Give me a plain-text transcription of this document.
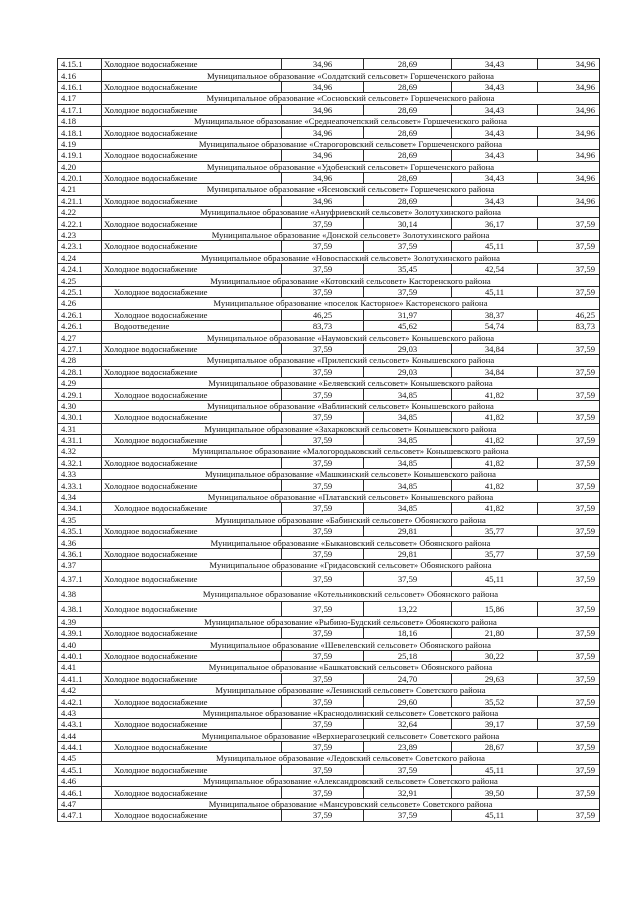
4.15.1	Холодное водоснабжение	34,96	28,69	34,43	34,96
4.16	Муниципальное образование «Солдатский сельсовет» Горшеченского района				
4.16.1	Холодное водоснабжение	34,96	28,69	34,43	34,96
4.17	Муниципальное образование «Сосновский сельсовет» Горшеченского района				
4.17.1	Холодное водоснабжение	34,96	28,69	34,43	34,96
4.18	Муниципальное образование «Среднеапочепский сельсовет» Горшеченского района				
4.18.1	Холодное водоснабжение	34,96	28,69	34,43	34,96
4.19	Муниципальное образование «Старогоровский сельсовет» Горшеченского района				
4.19.1	Холодное водоснабжение	34,96	28,69	34,43	34,96
4.20	Муниципальное образование «Удобенский сельсовет» Горшеченского района				
4.20.1	Холодное водоснабжение	34,96	28,69	34,43	34,96
4.21	Муниципальное образование «Ясеновский сельсовет» Горшеченского района				
4.21.1	Холодное водоснабжение	34,96	28,69	34,43	34,96
4.22	Муниципальное образование «Ануфриевский сельсовет» Золотухинского района				
4.22.1	Холодное водоснабжение	37,59	30,14	36,17	37,59
4.23	Муниципальное образование «Донской сельсовет» Золотухинского района				
4.23.1	Холодное водоснабжение	37,59	37,59	45,11	37,59
4.24	Муниципальное образование «Новоспасский сельсовет» Золотухинского района				
4.24.1	Холодное водоснабжение	37,59	35,45	42,54	37,59
4.25	Муниципальное образование «Котовский сельсовет» Касторенского района				
4.25.1	Холодное водоснабжение	37,59	37,59	45,11	37,59
4.26	Муниципальное образование «поселок Касторное» Касторенского района				
4.26.1	Холодное водоснабжение	46,25	31,97	38,37	46,25
4.26.1	Водоотведение	83,73	45,62	54,74	83,73
4.27	Муниципальное образование «Наумовский сельсовет» Конышевского района				
4.27.1	Холодное водоснабжение	37,59	29,03	34,84	37,59
4.28	Муниципальное образование «Прилепский сельсовет» Конышевского района				
4.28.1	Холодное водоснабжение	37,59	29,03	34,84	37,59
4.29	Муниципальное образование «Беляевский сельсовет» Конышевского района				
4.29.1	Холодное водоснабжение	37,59	34,85	41,82	37,59
4.30	Муниципальное образование «Ваблинский сельсовет» Конышевского района				
4.30.1	Холодное водоснабжение	37,59	34,85	41,82	37,59
4.31	Муниципальное образование «Захарковский сельсовет» Конышевского района				
4.31.1	Холодное водоснабжение	37,59	34,85	41,82	37,59
4.32	Муниципальное образование «Малогородьковский сельсовет» Конышевского района				
4.32.1	Холодное водоснабжение	37,59	34,85	41,82	37,59
4.33	Муниципальное образование «Машкинский сельсовет» Конышевского района				
4.33.1	Холодное водоснабжение	37,59	34,85	41,82	37,59
4.34	Муниципальное образование «Платавский сельсовет» Конышевского района				
4.34.1	Холодное водоснабжение	37,59	34,85	41,82	37,59
4.35	Муниципальное образование «Бабинский сельсовет» Обоянского района				
4.35.1	Холодное водоснабжение	37,59	29,81	35,77	37,59
4.36	Муниципальное образование «Быкановский сельсовет» Обоянского района				
4.36.1	Холодное водоснабжение	37,59	29,81	35,77	37,59
4.37	Муниципальное образование «Гридасовский сельсовет» Обоянского района				
4.37.1	Холодное водоснабжение	37,59	37,59	45,11	37,59
4.38	Муниципальное образование «Котельниковский сельсовет» Обоянского района				
4.38.1	Холодное водоснабжение	37,59	13,22	15,86	37,59
4.39	Муниципальное образование «Рыбино-Будский сельсовет» Обоянского района				
4.39.1	Холодное водоснабжение	37,59	18,16	21,80	37,59
4.40	Муниципальное образование «Шевелевский сельсовет» Обоянского района				
4.40.1	Холодное водоснабжение	37,59	25,18	30,22	37,59
4.41	Муниципальное образование «Башкатовский сельсовет» Обоянского района				
4.41.1	Холодное водоснабжение	37,59	24,70	29,63	37,59
4.42	Муниципальное образование «Ленинский сельсовет» Советского района				
4.42.1	Холодное водоснабжение	37,59	29,60	35,52	37,59
4.43	Муниципальное образование «Краснодолинский сельсовет» Советского района				
4.43.1	Холодное водоснабжение	37,59	32,64	39,17	37,59
4.44	Муниципальное образование «Верхнерагозецкий сельсовет» Советского района				
4.44.1	Холодное водоснабжение	37,59	23,89	28,67	37,59
4.45	Муниципальное образование «Ледовский сельсовет» Советского района				
4.45.1	Холодное водоснабжение	37,59	37,59	45,11	37,59
4.46	Муниципальное образование «Александровский сельсовет» Советского района				
4.46.1	Холодное водоснабжение	37,59	32,91	39,50	37,59
4.47	Муниципальное образование «Мансуровский сельсовет» Советского района				
4.47.1	Холодное водоснабжение	37,59	37,59	45,11	37,59
